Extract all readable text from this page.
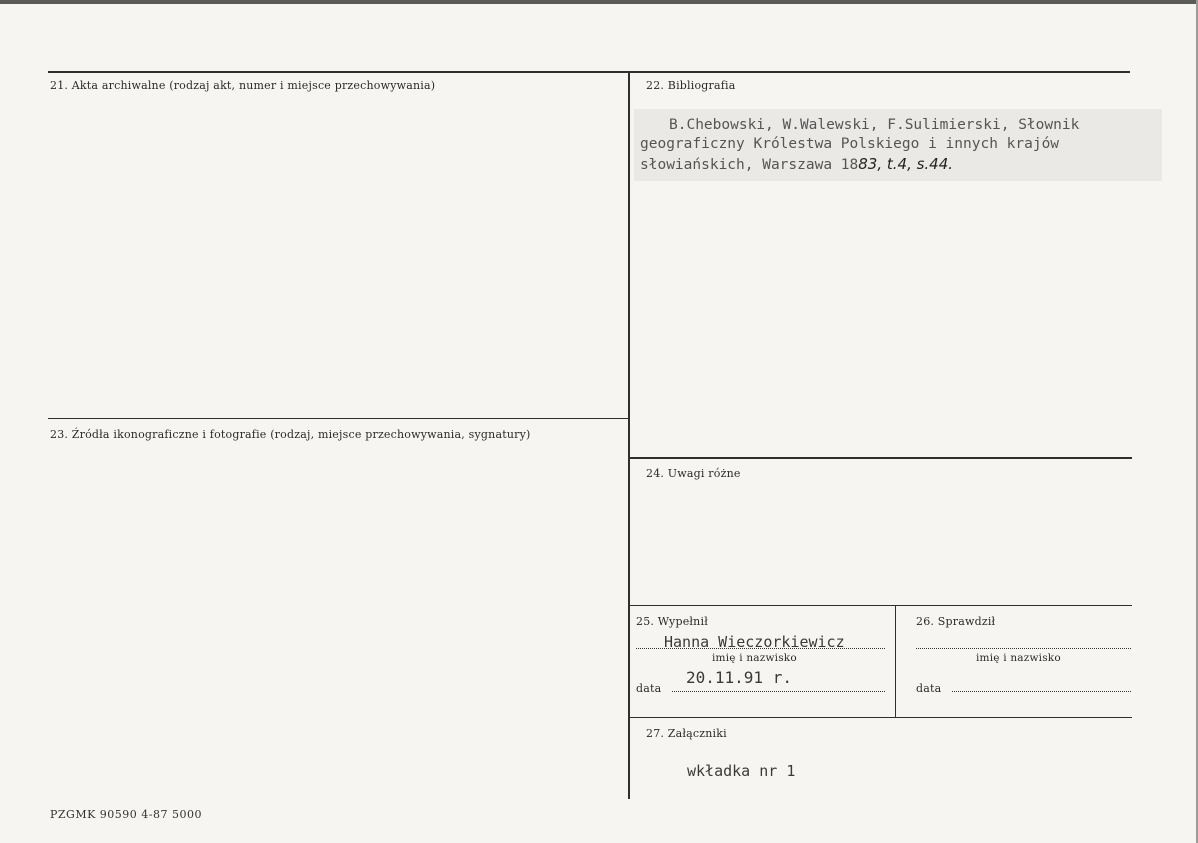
21. Akta archiwalne (rodzaj akt, numer i miejsce przechowywania)	22. Bibliografia
B.Chebowski, W.Walewski, F.Sulimierski, Słownik
geograficzny Królestwa Polskiego i innych krajów
słowiańskich, Warszawa 1883, t.4, s.44.
23. Źródła ikonograficzne i fotografie (rodzaj, miejsce przechowywania, sygnatury)
24. Uwagi różne
25. Wypełnił
Hanna Wieczorkiewicz
imię i nazwisko
data
20.11.91 r.
26. Sprawdził
imię i nazwisko
data
27. Załączniki
wkładka nr 1
PZGMK 90590 4-87 5000
